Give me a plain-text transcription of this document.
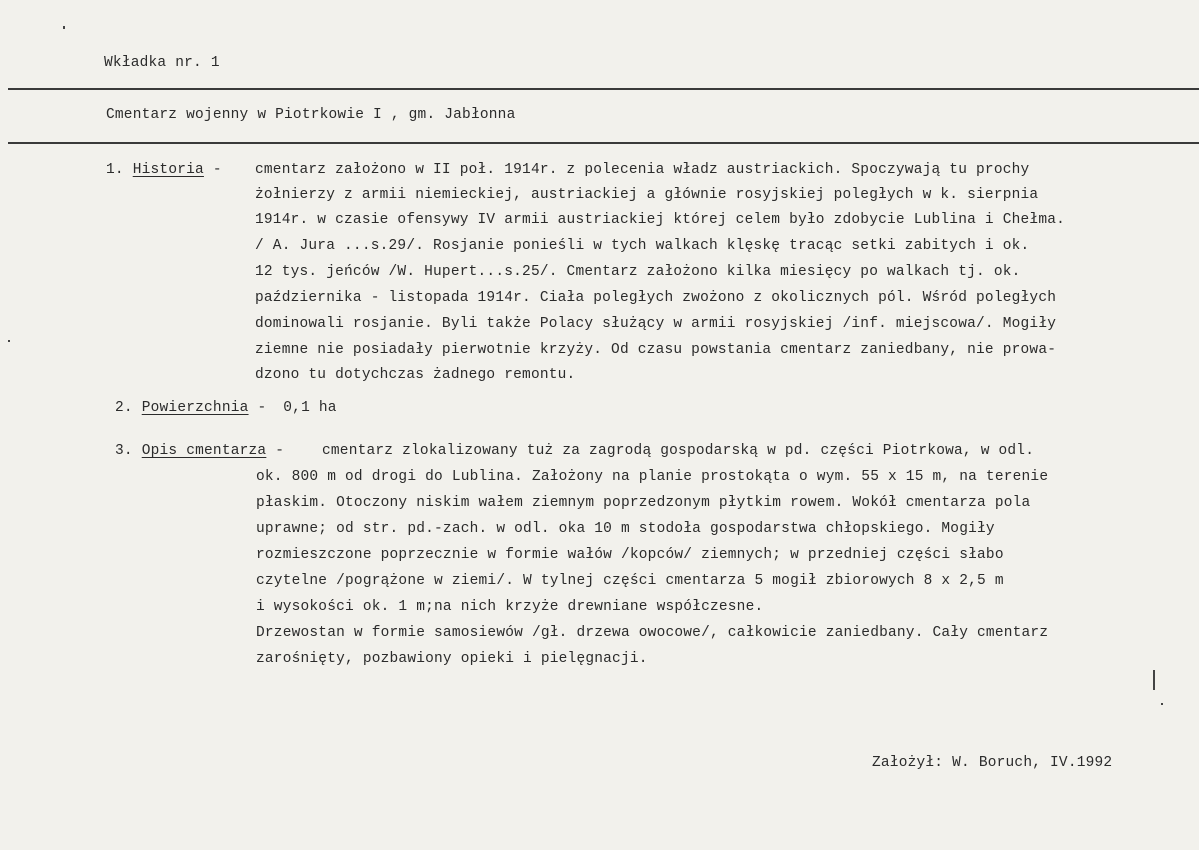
Wkładka nr. 1
Cmentarz wojenny w Piotrkowie I , gm. Jabłonna
1. Historia - cmentarz założono w II poł. 1914r. z polecenia władz austriackich. Spoczywają tu prochy
żołnierzy z armii niemieckiej, austriackiej a głównie rosyjskiej poległych w k. sierpnia
1914r. w czasie ofensywy IV armii austriackiej której celem było zdobycie Lublina i Chełma.
/ A. Jura ...s.29/. Rosjanie ponieśli w tych walkach klęskę tracąc setki zabitych i ok.
12 tys. jeńców /W. Hupert...s.25/. Cmentarz założono kilka miesięcy po walkach tj. ok.
października - listopada 1914r. Ciała poległych zwożono z okolicznych pól. Wśród poległych
dominowali rosjanie. Byli także Polacy służący w armii rosyjskiej /inf. miejscowa/. Mogiły
ziemne nie posiadały pierwotnie krzyży. Od czasu powstania cmentarz zaniedbany, nie prowa-
dzono tu dotychczas żadnego remontu.
2. Powierzchnia - 0,1 ha
3. Opis cmentarza -	cmentarz zlokalizowany tuż za zagrodą gospodarską w pd. części Piotrkowa, w odl.
ok. 800 m od drogi do Lublina. Założony na planie prostokąta o wym. 55 x 15 m, na terenie
płaskim. Otoczony niskim wałem ziemnym poprzedzonym płytkim rowem. Wokół cmentarza pola
uprawne; od str. pd.-zach. w odl. oka 10 m stodoła gospodarstwa chłopskiego. Mogiły
rozmieszczone poprzecznie w formie wałów /kopców/ ziemnych; w przedniej części słabo
czytelne /pogrążone w ziemi/. W tylnej części cmentarza 5 mogił zbiorowych 8 x 2,5 m
i wysokości ok. 1 m;na nich krzyże drewniane współczesne.
Drzewostan w formie samosiewów /gł. drzewa owocowe/, całkowicie zaniedbany. Cały cmentarz
zarośnięty, pozbawiony opieki i pielęgnacji.
Założył: W. Boruch, IV.1992
